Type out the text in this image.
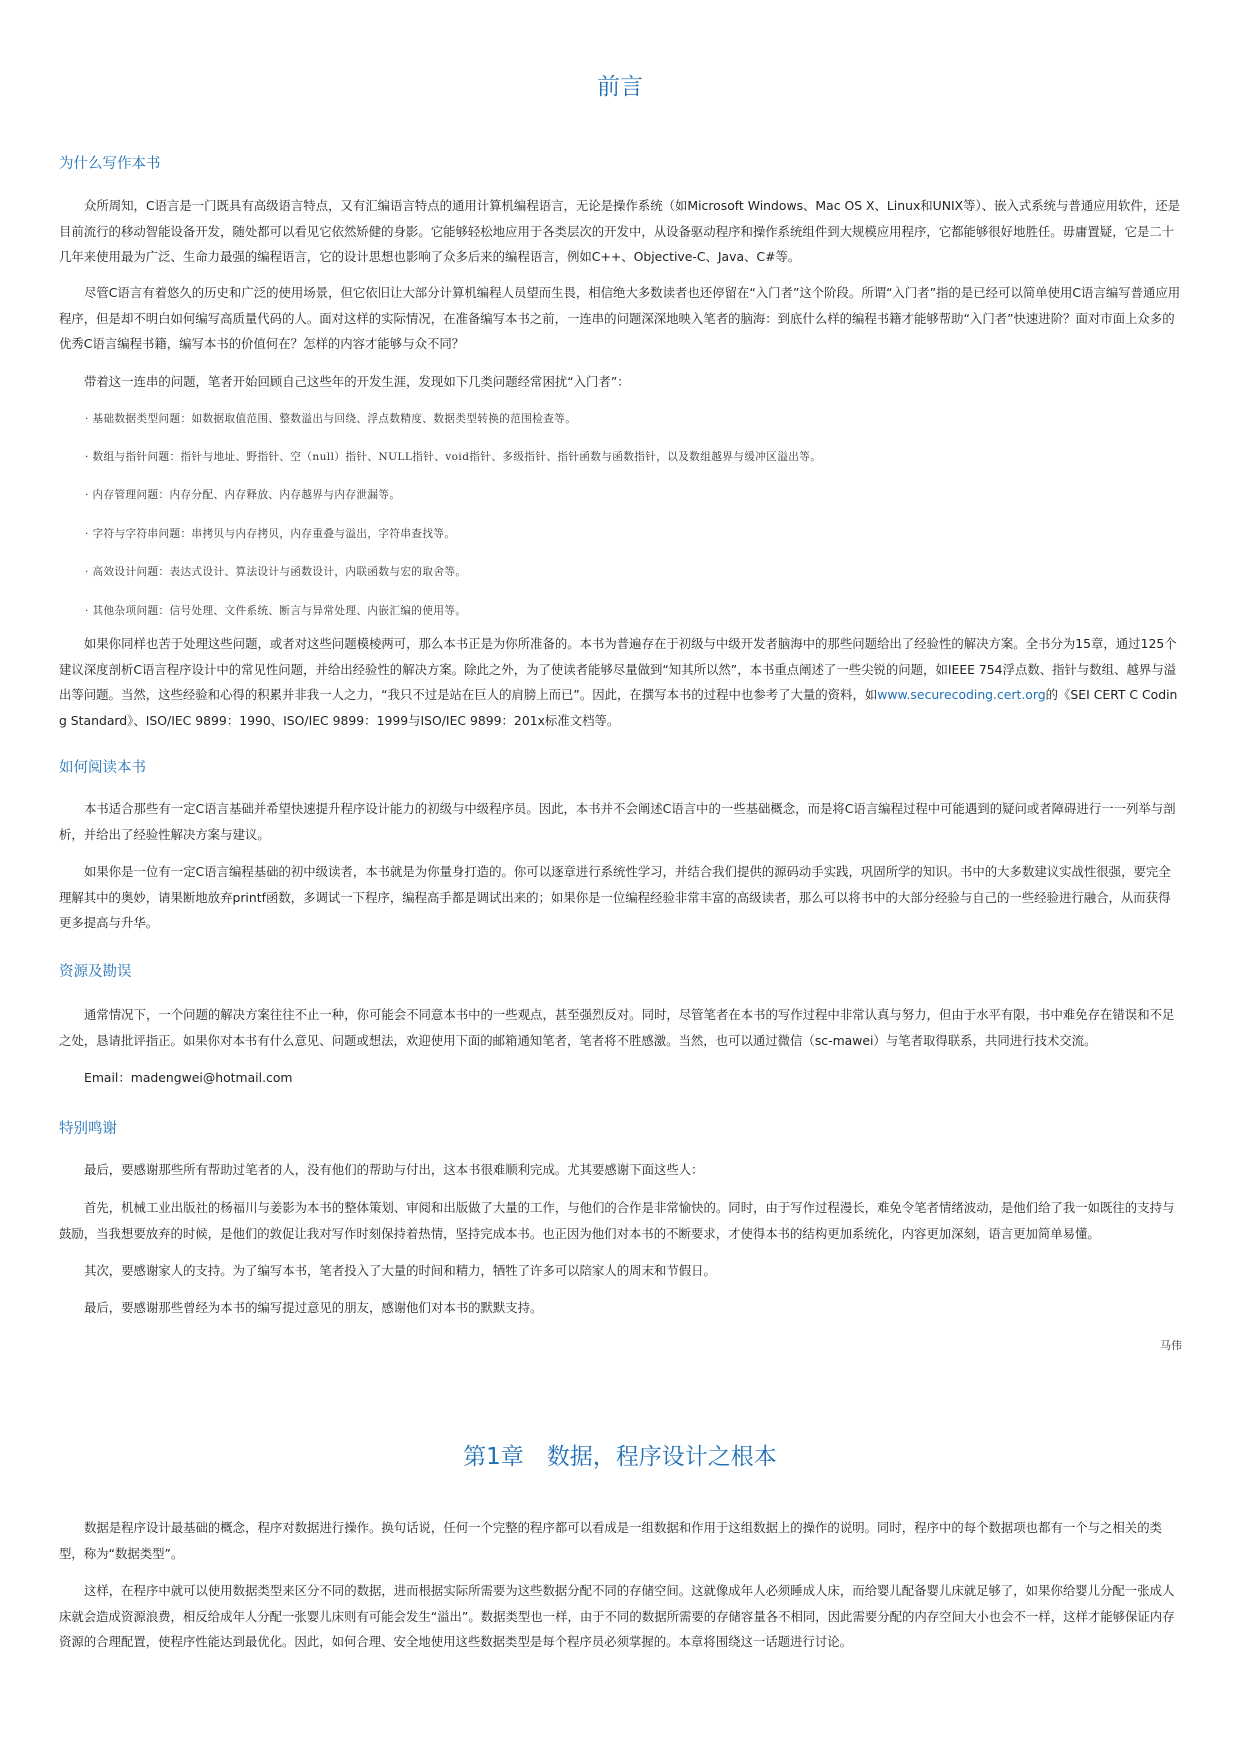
前言
为什么写作本书

众所周知，C语言是一门既具有高级语言特点，又有汇编语言特点的通用计算机编程语言，无论是操作系统（如Microsoft Windows、Mac OS X、Linux和UNIX等）、嵌入式系统与普通应用软件，还是目前流行的移动智能设备开发，随处都可以看见它依然矫健的身影。它能够轻松地应用于各类层次的开发中，从设备驱动程序和操作系统组件到大规模应用程序，它都能够很好地胜任。毋庸置疑，它是二十几年来使用最为广泛、生命力最强的编程语言，它的设计思想也影响了众多后来的编程语言，例如C++、Objective-C、Java、C#等。

尽管C语言有着悠久的历史和广泛的使用场景，但它依旧让大部分计算机编程人员望而生畏，相信绝大多数读者也还停留在“入门者”这个阶段。所谓“入门者”指的是已经可以简单使用C语言编写普通应用程序，但是却不明白如何编写高质量代码的人。面对这样的实际情况，在准备编写本书之前，一连串的问题深深地映入笔者的脑海：到底什么样的编程书籍才能够帮助“入门者”快速进阶？面对市面上众多的优秀C语言编程书籍，编写本书的价值何在？怎样的内容才能够与众不同？

带着这一连串的问题，笔者开始回顾自己这些年的开发生涯，发现如下几类问题经常困扰“入门者”：

· 基础数据类型问题：如数据取值范围、整数溢出与回绕、浮点数精度、数据类型转换的范围检查等。

· 数组与指针问题：指针与地址、野指针、空（null）指针、NULL指针、void指针、多级指针、指针函数与函数指针，以及数组越界与缓冲区溢出等。

· 内存管理问题：内存分配、内存释放、内存越界与内存泄漏等。

· 字符与字符串问题：串拷贝与内存拷贝，内存重叠与溢出，字符串查找等。

· 高效设计问题：表达式设计、算法设计与函数设计，内联函数与宏的取舍等。

· 其他杂项问题：信号处理、文件系统、断言与异常处理、内嵌汇编的使用等。

如果你同样也苦于处理这些问题，或者对这些问题模棱两可，那么本书正是为你所准备的。本书为普遍存在于初级与中级开发者脑海中的那些问题给出了经验性的解决方案。全书分为15章，通过125个建议深度剖析C语言程序设计中的常见性问题，并给出经验性的解决方案。除此之外，为了使读者能够尽量做到“知其所以然”，本书重点阐述了一些尖锐的问题，如IEEE 754浮点数、指针与数组、越界与溢出等问题。当然，这些经验和心得的积累并非我一人之力，“我只不过是站在巨人的肩膀上而已”。因此，在撰写本书的过程中也参考了大量的资料，如www.securecoding.cert.org的《SEI CERT C Coding Standard》、ISO/IEC 9899：1990、ISO/IEC 9899：1999与ISO/IEC 9899：201x标准文档等。

如何阅读本书

本书适合那些有一定C语言基础并希望快速提升程序设计能力的初级与中级程序员。因此，本书并不会阐述C语言中的一些基础概念，而是将C语言编程过程中可能遇到的疑问或者障碍进行一一列举与剖析，并给出了经验性解决方案与建议。

如果你是一位有一定C语言编程基础的初中级读者，本书就是为你量身打造的。你可以逐章进行系统性学习，并结合我们提供的源码动手实践，巩固所学的知识。书中的大多数建议实战性很强，要完全理解其中的奥妙，请果断地放弃printf函数，多调试一下程序，编程高手都是调试出来的；如果你是一位编程经验非常丰富的高级读者，那么可以将书中的大部分经验与自己的一些经验进行融合，从而获得更多提高与升华。

资源及勘误

通常情况下，一个问题的解决方案往往不止一种，你可能会不同意本书中的一些观点，甚至强烈反对。同时，尽管笔者在本书的写作过程中非常认真与努力，但由于水平有限，书中难免存在错误和不足之处，恳请批评指正。如果你对本书有什么意见、问题或想法，欢迎使用下面的邮箱通知笔者，笔者将不胜感激。当然，也可以通过微信（sc-mawei）与笔者取得联系，共同进行技术交流。

Email：madengwei@hotmail.com

特别鸣谢

最后，要感谢那些所有帮助过笔者的人，没有他们的帮助与付出，这本书很难顺利完成。尤其要感谢下面这些人：

首先，机械工业出版社的杨福川与姜影为本书的整体策划、审阅和出版做了大量的工作，与他们的合作是非常愉快的。同时，由于写作过程漫长，难免令笔者情绪波动，是他们给了我一如既往的支持与鼓励，当我想要放弃的时候，是他们的敦促让我对写作时刻保持着热情，坚持完成本书。也正因为他们对本书的不断要求，才使得本书的结构更加系统化，内容更加深刻，语言更加简单易懂。

其次，要感谢家人的支持。为了编写本书，笔者投入了大量的时间和精力，牺牲了许多可以陪家人的周末和节假日。

最后，要感谢那些曾经为本书的编写提过意见的朋友，感谢他们对本书的默默支持。

马伟

第1章　数据，程序设计之根本

数据是程序设计最基础的概念，程序对数据进行操作。换句话说，任何一个完整的程序都可以看成是一组数据和作用于这组数据上的操作的说明。同时，程序中的每个数据项也都有一个与之相关的类型，称为“数据类型”。

这样，在程序中就可以使用数据类型来区分不同的数据，进而根据实际所需要为这些数据分配不同的存储空间。这就像成年人必须睡成人床，而给婴儿配备婴儿床就足够了，如果你给婴儿分配一张成人床就会造成资源浪费，相反给成年人分配一张婴儿床则有可能会发生“溢出”。数据类型也一样，由于不同的数据所需要的存储容量各不相同，因此需要分配的内存空间大小也会不一样，这样才能够保证内存资源的合理配置，使程序性能达到最优化。因此，如何合理、安全地使用这些数据类型是每个程序员必须掌握的。本章将围绕这一话题进行讨论。
